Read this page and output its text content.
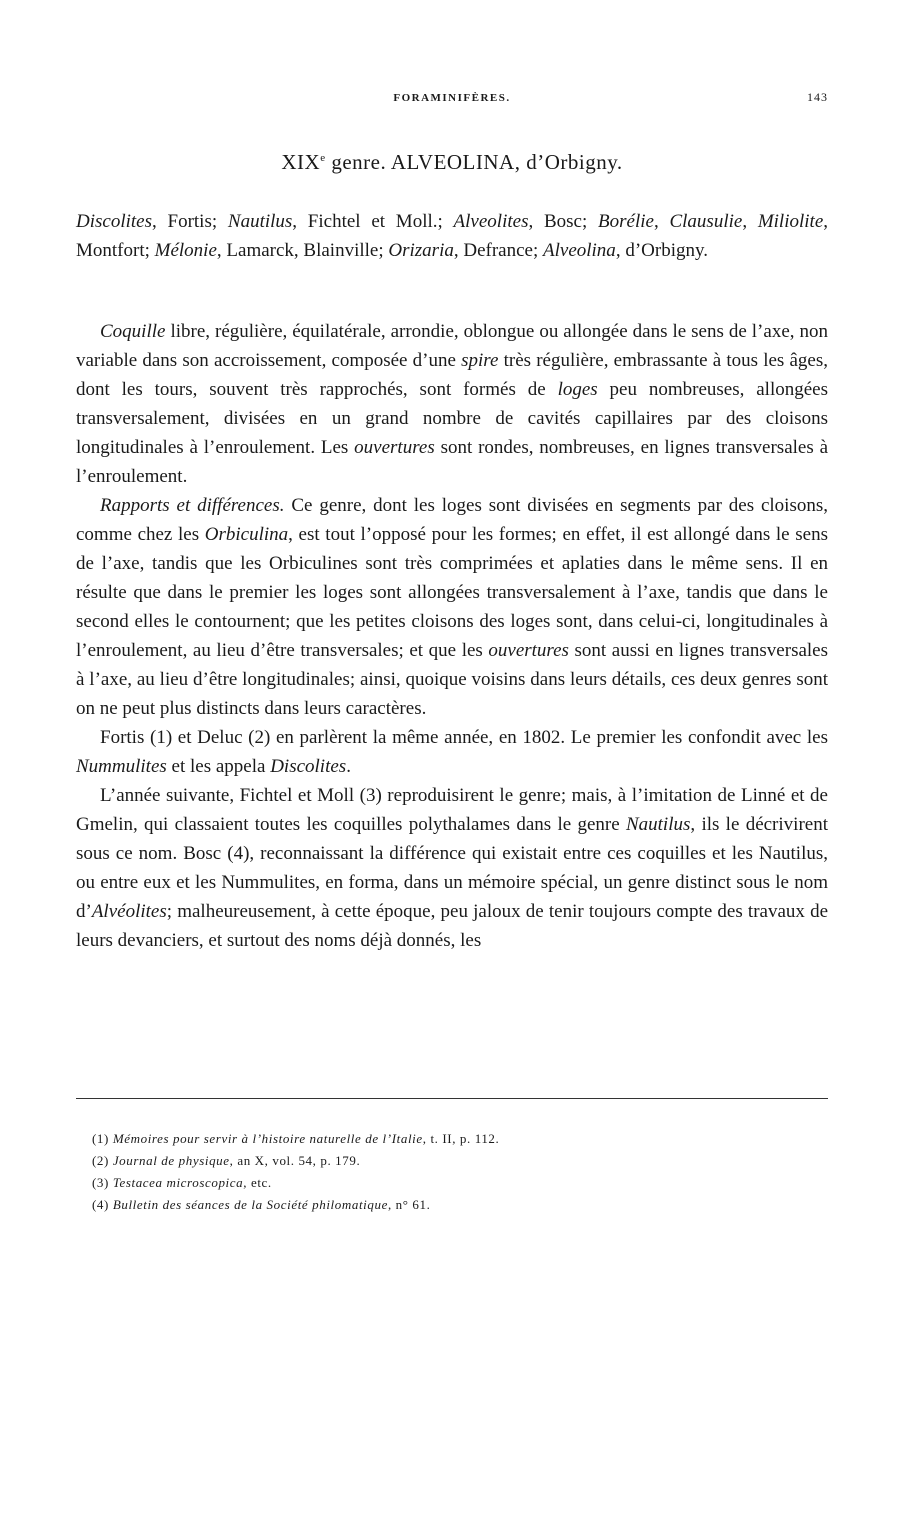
FORAMINIFÈRES.	143
XIXe genre. ALVEOLINA, d’Orbigny.
Discolites, Fortis; Nautilus, Fichtel et Moll.; Alveolites, Bosc; Borélie, Clausulie, Miliolite, Montfort; Mélonie, Lamarck, Blainville; Orizaria, Defrance; Alveolina, d’Orbigny.

Coquille libre, régulière, équilatérale, arrondie, oblongue ou allongée dans le sens de l’axe, non variable dans son accroissement, composée d’une spire très régulière, embrassante à tous les âges, dont les tours, souvent très rapprochés, sont formés de loges peu nombreuses, allongées transversalement, divisées en un grand nombre de cavités capillaires par des cloisons longitudinales à l’enroulement. Les ouvertures sont rondes, nombreuses, en lignes transversales à l’enroulement.

Rapports et différences. Ce genre, dont les loges sont divisées en segments par des cloisons, comme chez les Orbiculina, est tout l’opposé pour les formes; en effet, il est allongé dans le sens de l’axe, tandis que les Orbiculines sont très comprimées et aplaties dans le même sens. Il en résulte que dans le premier les loges sont allongées transversalement à l’axe, tandis que dans le second elles le contournent; que les petites cloisons des loges sont, dans celui-ci, longitudinales à l’enroulement, au lieu d’être transversales; et que les ouvertures sont aussi en lignes transversales à l’axe, au lieu d’être longitudinales; ainsi, quoique voisins dans leurs détails, ces deux genres sont on ne peut plus distincts dans leurs caractères.

Fortis (1) et Deluc (2) en parlèrent la même année, en 1802. Le premier les confondit avec les Nummulites et les appela Discolites.

L’année suivante, Fichtel et Moll (3) reproduisirent le genre; mais, à l’imitation de Linné et de Gmelin, qui classaient toutes les coquilles polythalames dans le genre Nautilus, ils le décrivirent sous ce nom. Bosc (4), reconnaissant la différence qui existait entre ces coquilles et les Nautilus, ou entre eux et les Nummulites, en forma, dans un mémoire spécial, un genre distinct sous le nom d’Alvéolites; malheureusement, à cette époque, peu jaloux de tenir toujours compte des travaux de leurs devanciers, et surtout des noms déjà donnés, les

(1) Mémoires pour servir à l’histoire naturelle de l’Italie, t. II, p. 112.
(2) Journal de physique, an X, vol. 54, p. 179.
(3) Testacea microscopica, etc.
(4) Bulletin des séances de la Société philomatique, n° 61.
